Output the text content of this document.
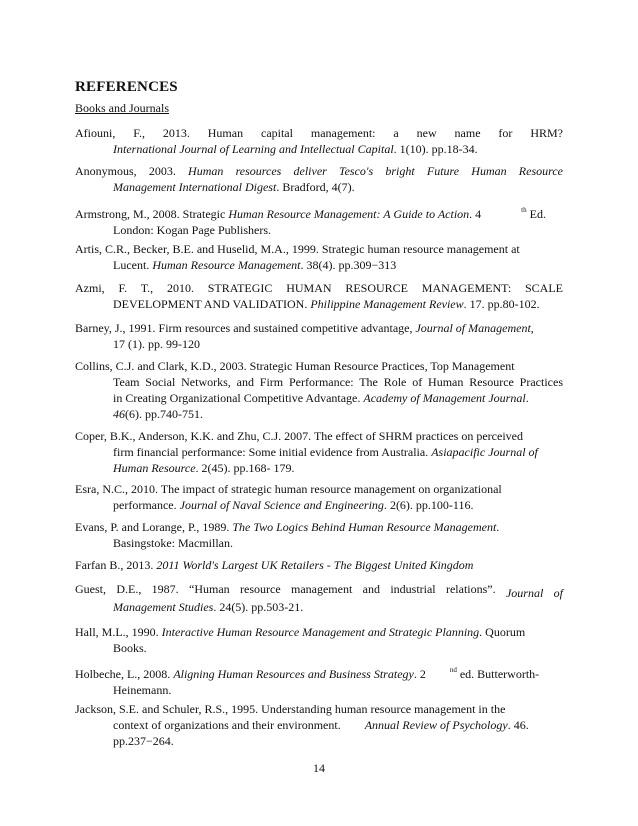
REFERENCES
Books and Journals
Afiouni, F., 2013. Human capital management: a new name for HRM?
International Journal of Learning and Intellectual Capital. 1(10). pp.18-34.
Anonymous, 2003. Human resources deliver Tesco's bright Future Human Resource
Management International Digest. Bradford, 4(7).
Armstrong, M., 2008. Strategic Human Resource Management: A Guide to Action. 4	$^{th}$ Ed.
London: Kogan Page Publishers.
Artis, C.R., Becker, B.E. and Huselid, M.A., 1999. Strategic human resource management at
Lucent. Human Resource Management. 38(4). pp.309−313
Azmi, F. T., 2010. STRATEGIC HUMAN RESOURCE MANAGEMENT: SCALE
DEVELOPMENT AND VALIDATION. Philippine Management Review. 17. pp.80-102.
Barney, J., 1991. Firm resources and sustained competitive advantage, Journal of Management,
17 (1). pp. 99-120
Collins, C.J. and Clark, K.D., 2003. Strategic Human Resource Practices, Top Management
Team Social Networks, and Firm Performance: The Role of Human Resource Practices
in Creating Organizational Competitive Advantage. Academy of Management Journal.
46(6). pp.740-751.
Coper, B.K., Anderson, K.K. and Zhu, C.J. 2007. The effect of SHRM practices on perceived
firm financial performance: Some initial evidence from Australia. Asiapacific Journal of
Human Resource. 2(45). pp.168- 179.
Esra, N.C., 2010. The impact of strategic human resource management on organizational
performance. Journal of Naval Science and Engineering. 2(6). pp.100-116.
Evans, P. and Lorange, P., 1989. The Two Logics Behind Human Resource Management.
Basingstoke: Macmillan.
Farfan B., 2013. 2011 World's Largest UK Retailers - The Biggest United Kingdom
Guest, D.E., 1987. “Human resource management and industrial relations”. Journal of
Management Studies. 24(5). pp.503-21.
Hall, M.L., 1990. Interactive Human Resource Management and Strategic Planning. Quorum
Books.
Holbeche, L., 2008. Aligning Human Resources and Business Strategy. 2	$^{nd}$ ed. Butterworth-
Heinemann.
Jackson, S.E. and Schuler, R.S., 1995. Understanding human resource management in the
context of organizations and their environment.        Annual Review of Psychology. 46.
pp.237−264.
14
